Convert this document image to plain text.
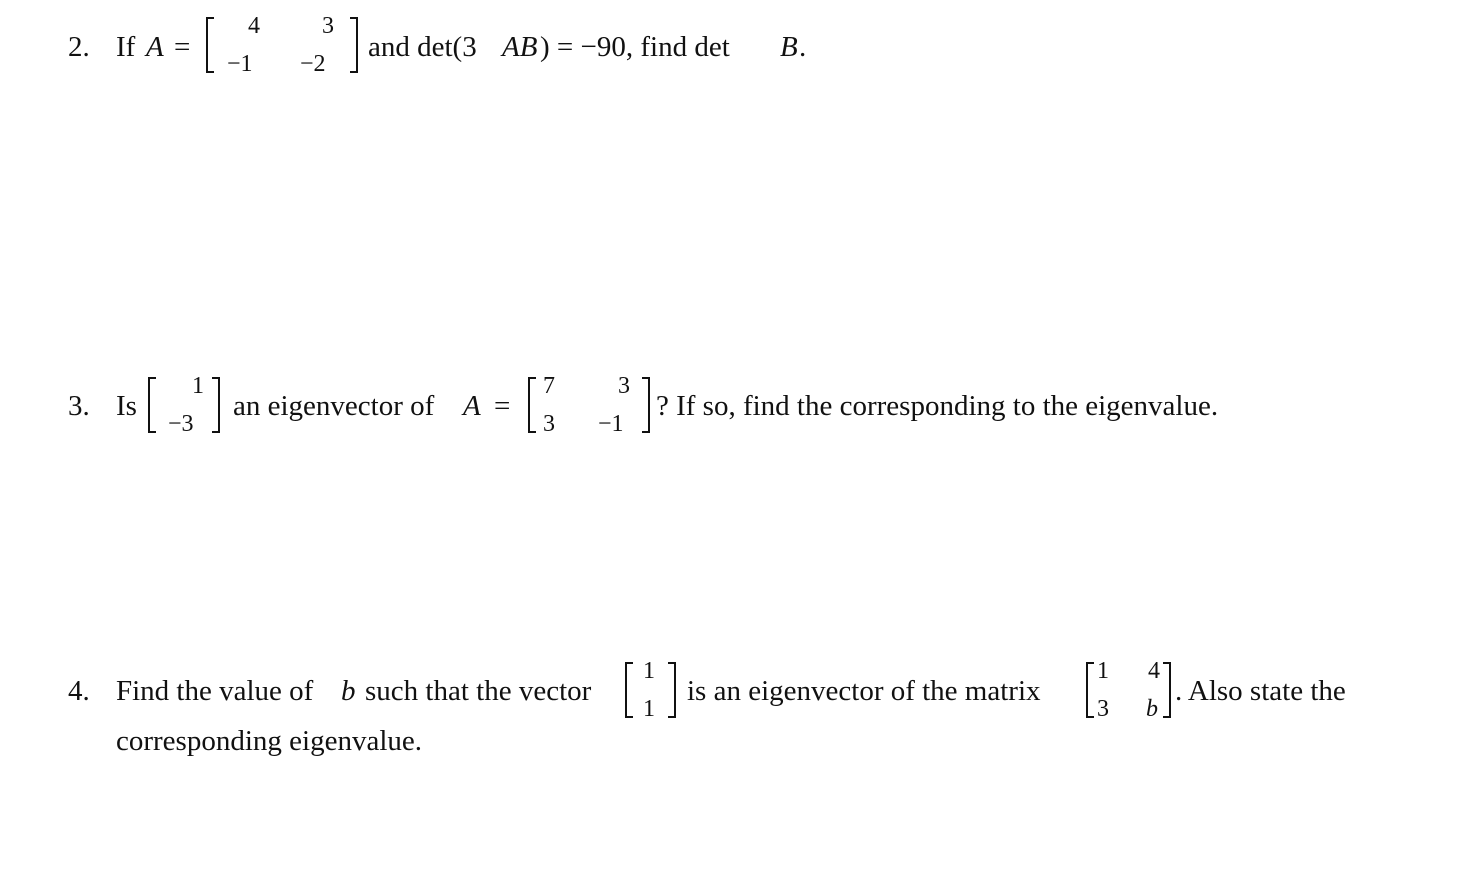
2. If A =
4	3
−1 −2
and det(3 AB ) = −90, find det B .
3. Is
1
−3
an eigenvector of A =
7	3
3 −1
? If so, find the corresponding to the eigenvalue.
4. Find the value of b such that the vector
1
1
is an eigenvector of the matrix
1 4
3 b
. Also state the
corresponding eigenvalue.
